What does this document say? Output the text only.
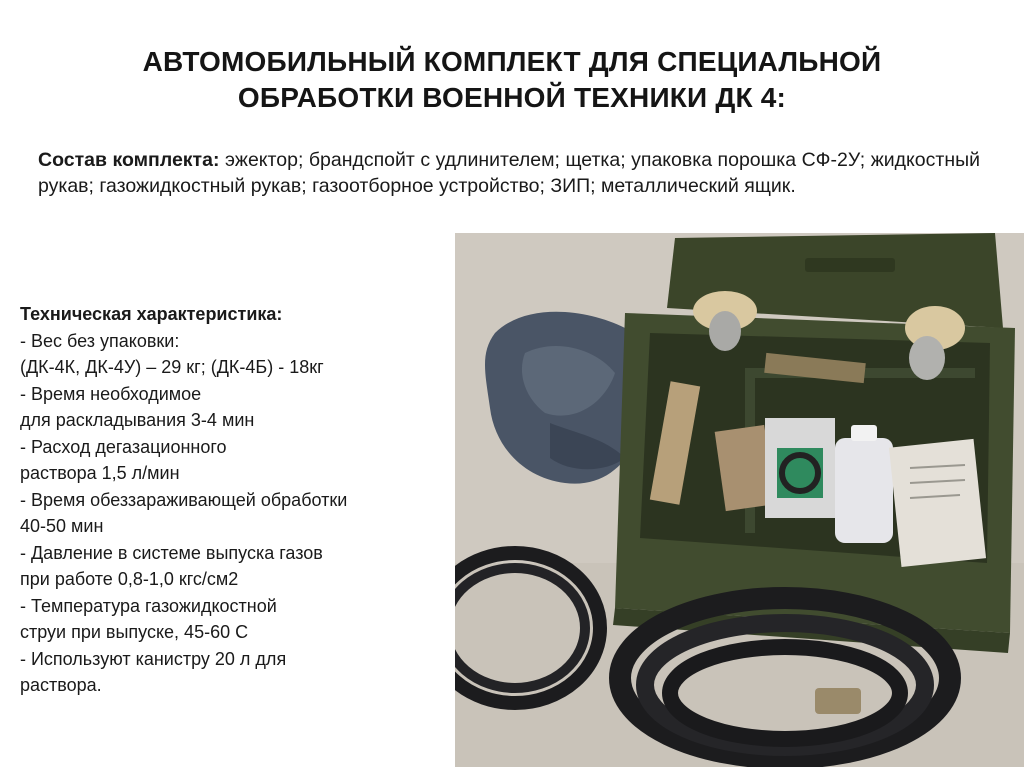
АВТОМОБИЛЬНЫЙ КОМПЛЕКТ ДЛЯ СПЕЦИАЛЬНОЙ
ОБРАБОТКИ ВОЕННОЙ ТЕХНИКИ ДК 4:
Состав комплекта: эжектор; брандспойт с удлинителем; щетка; упаковка порошка СФ-2У; жидкостный рукав; газожидкостный рукав; газоотборное устройство; ЗИП; металлический ящик.
Техническая характеристика:
- Вес без упаковки:
(ДК-4К, ДК-4У) – 29 кг; (ДК-4Б) - 18кг
- Время необходимое
для раскладывания 3-4 мин
- Расход дегазационного
раствора 1,5 л/мин
- Время обеззараживающей обработки
40-50 мин
- Давление в системе выпуска газов
при работе 0,8-1,0 кгс/см2
- Температура газожидкостной
струи при выпуске, 45-60 С
- Используют канистру 20 л для
раствора.
